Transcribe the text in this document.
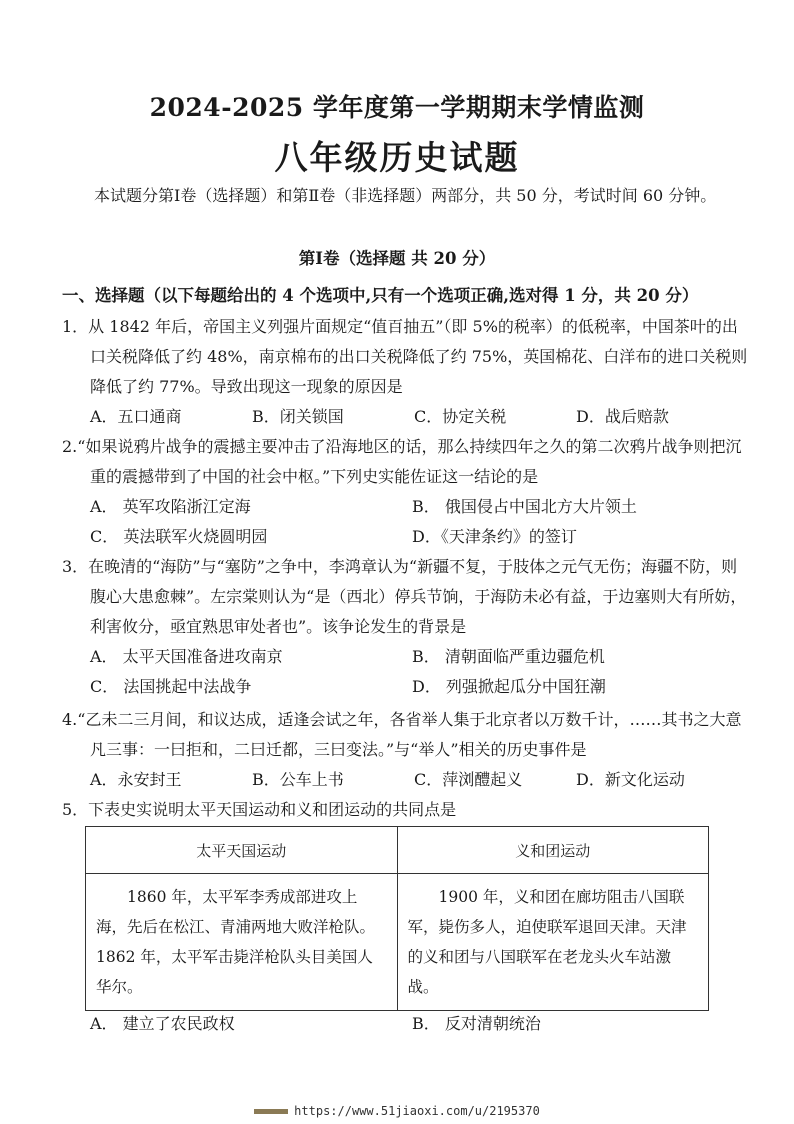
2024-2025 学年度第一学期期末学情监测
八年级历史试题
本试题分第Ⅰ卷（选择题）和第Ⅱ卷（非选择题）两部分，共 50 分，考试时间 60 分钟。
第Ⅰ卷（选择题 共 20 分）
一、选择题（以下每题给出的 4 个选项中,只有一个选项正确,选对得 1 分，共 20 分）
1．从 1842 年后，帝国主义列强片面规定“值百抽五”（即 5%的税率）的低税率，中国茶叶的出口关税降低了约 48%，南京棉布的出口关税降低了约 75%，英国棉花、白洋布的进口关税则降低了约 77%。导致出现这一现象的原因是
A．五口通商	B．闭关锁国	C．协定关税	D．战后赔款
2.“如果说鸦片战争的震撼主要冲击了沿海地区的话，那么持续四年之久的第二次鸦片战争则把沉重的震撼带到了中国的社会中枢。”下列史实能佐证这一结论的是
A． 英军攻陷浙江定海	B． 俄国侵占中国北方大片领土
C． 英法联军火烧圆明园	D．《天津条约》的签订
3．在晚清的“海防”与“塞防”之争中，李鸿章认为“新疆不复，于肢体之元气无伤；海疆不防，则腹心大患愈棘”。左宗棠则认为“是（西北）停兵节饷，于海防未必有益，于边塞则大有所妨，利害攸分，亟宜熟思审处者也”。该争论发生的背景是
A． 太平天国准备进攻南京	B． 清朝面临严重边疆危机
C． 法国挑起中法战争	D． 列强掀起瓜分中国狂潮
4.“乙未二三月间，和议达成，适逢会试之年，各省举人集于北京者以万数千计，……其书之大意凡三事：一曰拒和，二曰迁都，三曰变法。”与“举人”相关的历史事件是
A．永安封王	B．公车上书	C．萍浏醴起义	D．新文化运动
5．下表史实说明太平天国运动和义和团运动的共同点是
太平天国运动	义和团运动
1860 年，太平军李秀成部进攻上海，先后在松江、青浦两地大败洋枪队。1862 年，太平军击毙洋枪队头目美国人华尔。	1900 年，义和团在廊坊阻击八国联军，毙伤多人，迫使联军退回天津。天津的义和团与八国联军在老龙头火车站激战。
A． 建立了农民政权	B． 反对清朝统治
https://www.51jiaoxi.com/u/2195370
